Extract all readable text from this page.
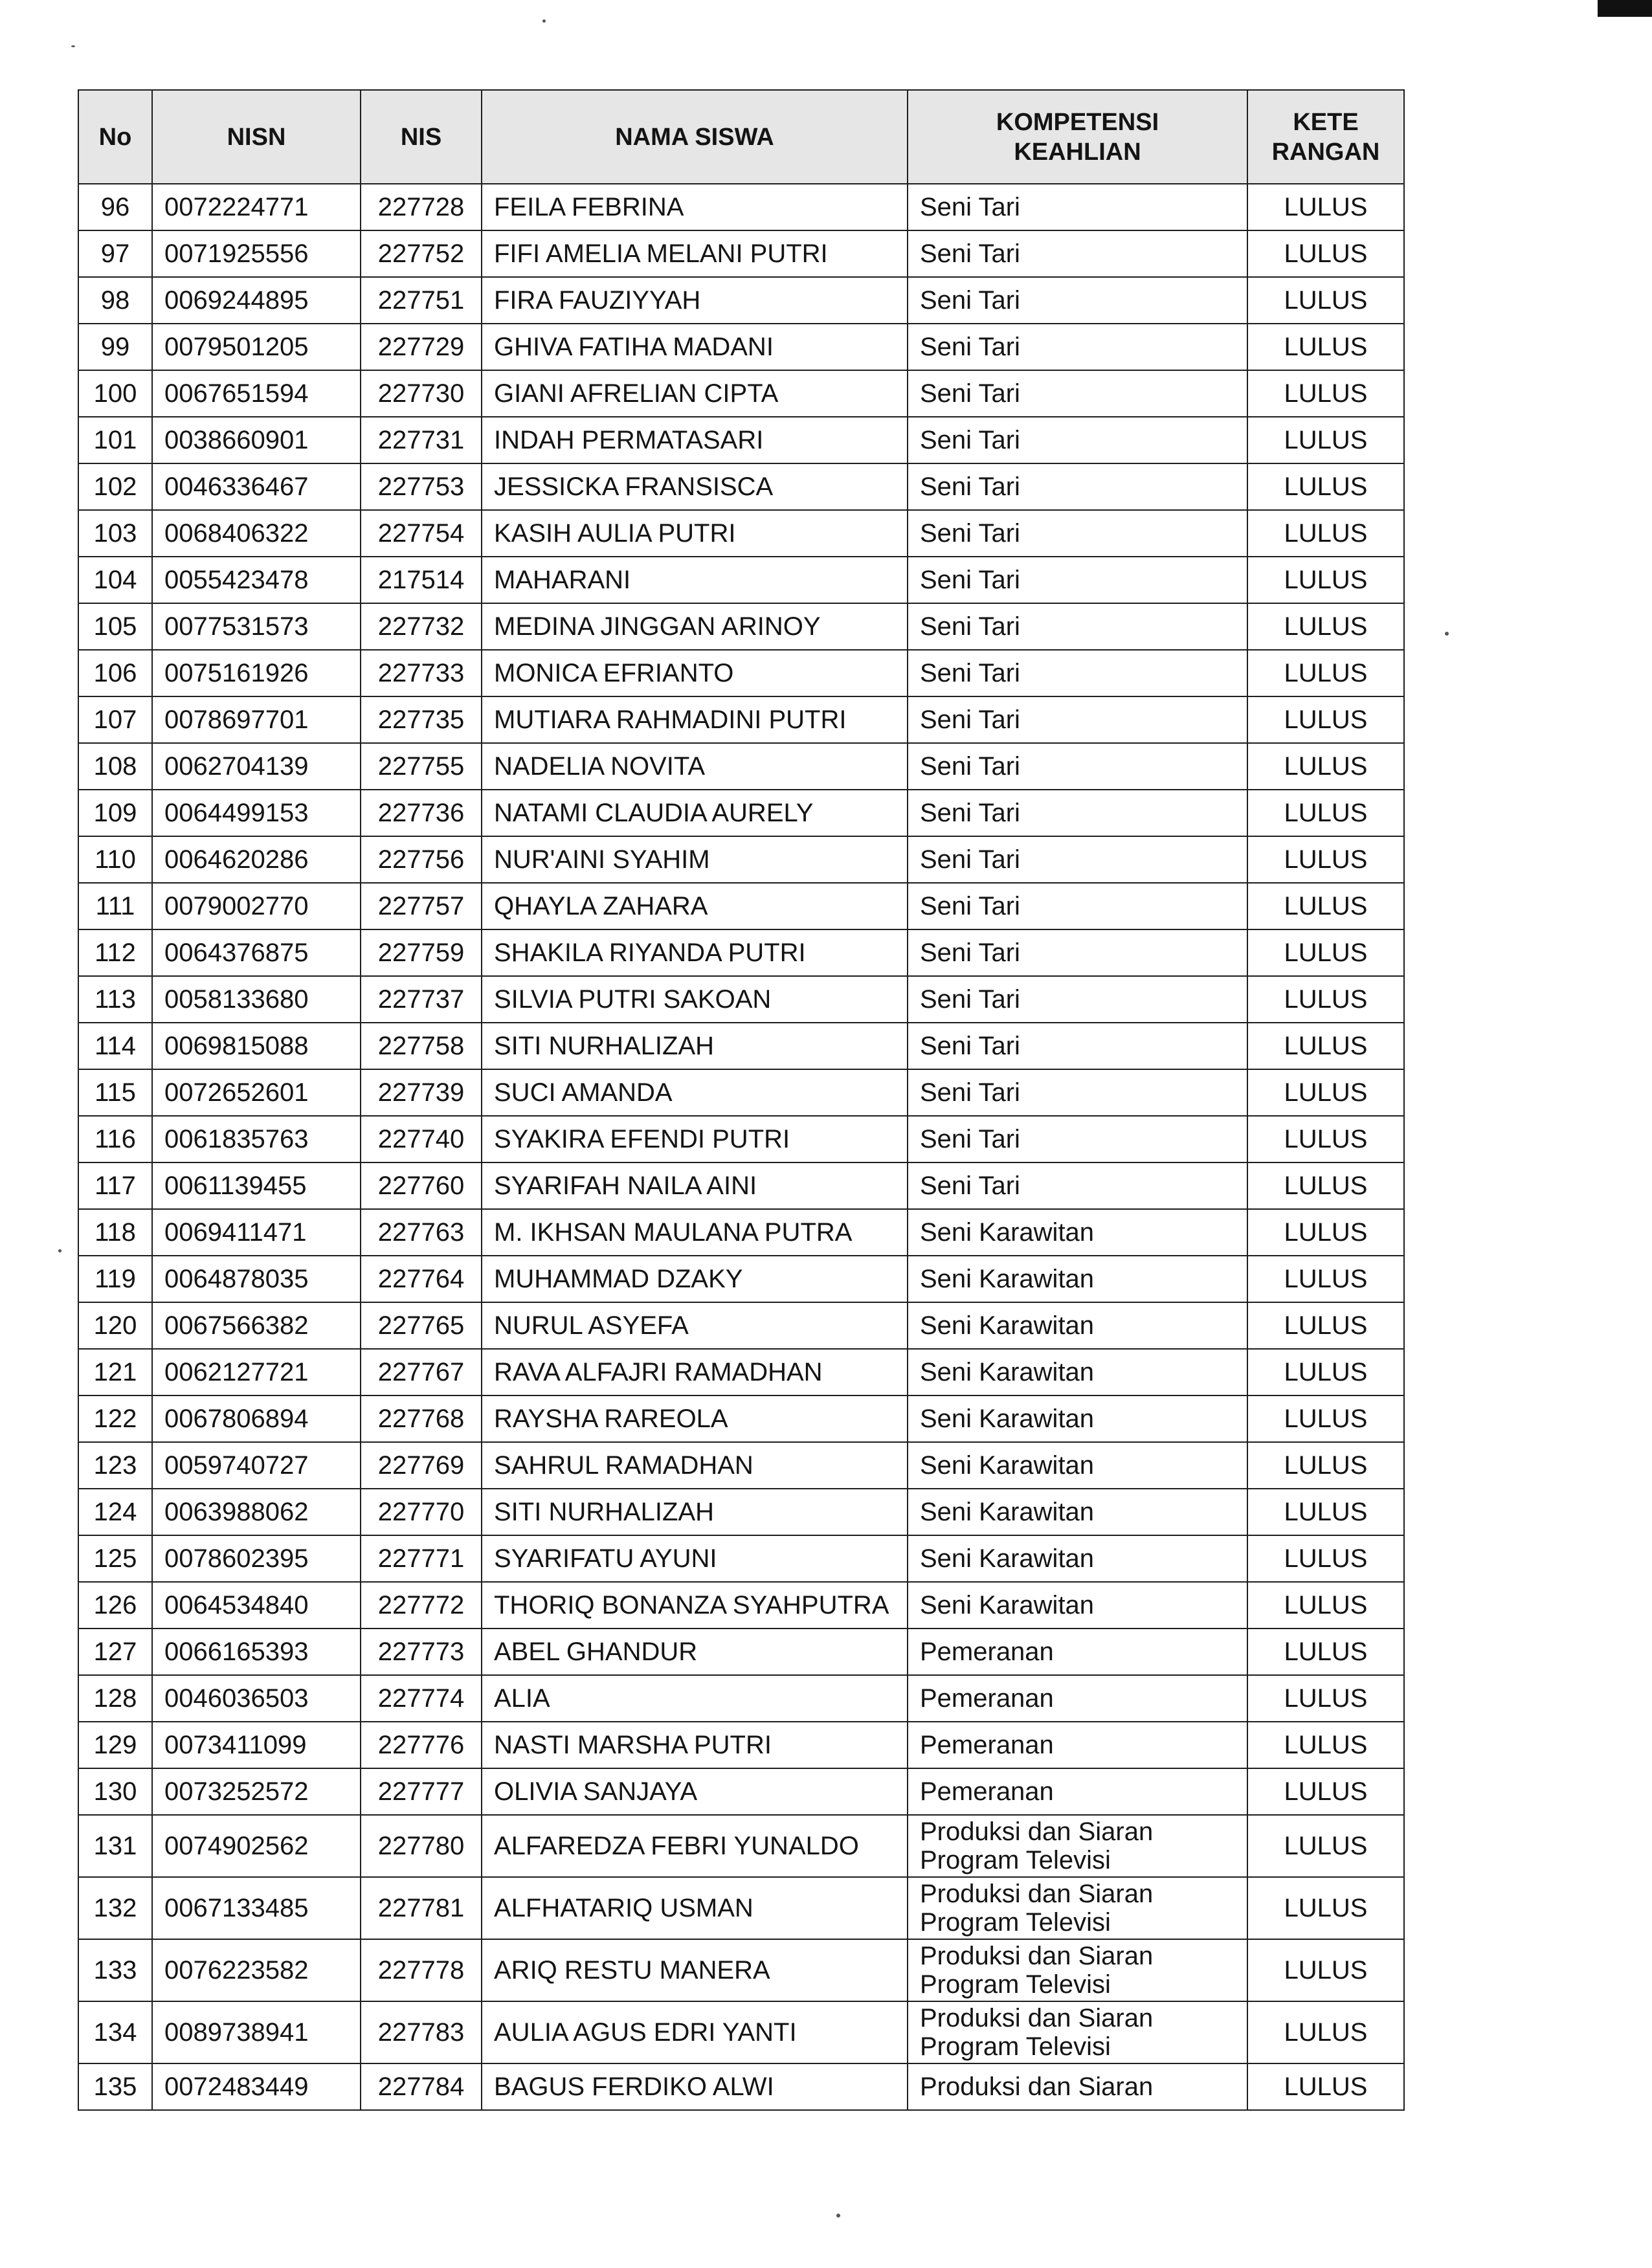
No	NISN	NIS	NAMA SISWA	KOMPETENSI KEAHLIAN	KETE RANGAN
96	0072224771	227728	FEILA FEBRINA	Seni Tari	LULUS
97	0071925556	227752	FIFI AMELIA MELANI PUTRI	Seni Tari	LULUS
98	0069244895	227751	FIRA FAUZIYYAH	Seni Tari	LULUS
99	0079501205	227729	GHIVA FATIHA MADANI	Seni Tari	LULUS
100	0067651594	227730	GIANI AFRELIAN CIPTA	Seni Tari	LULUS
101	0038660901	227731	INDAH PERMATASARI	Seni Tari	LULUS
102	0046336467	227753	JESSICKA FRANSISCA	Seni Tari	LULUS
103	0068406322	227754	KASIH AULIA PUTRI	Seni Tari	LULUS
104	0055423478	217514	MAHARANI	Seni Tari	LULUS
105	0077531573	227732	MEDINA JINGGAN ARINOY	Seni Tari	LULUS
106	0075161926	227733	MONICA EFRIANTO	Seni Tari	LULUS
107	0078697701	227735	MUTIARA RAHMADINI PUTRI	Seni Tari	LULUS
108	0062704139	227755	NADELIA NOVITA	Seni Tari	LULUS
109	0064499153	227736	NATAMI CLAUDIA AURELY	Seni Tari	LULUS
110	0064620286	227756	NUR'AINI SYAHIM	Seni Tari	LULUS
111	0079002770	227757	QHAYLA ZAHARA	Seni Tari	LULUS
112	0064376875	227759	SHAKILA RIYANDA PUTRI	Seni Tari	LULUS
113	0058133680	227737	SILVIA PUTRI SAKOAN	Seni Tari	LULUS
114	0069815088	227758	SITI NURHALIZAH	Seni Tari	LULUS
115	0072652601	227739	SUCI AMANDA	Seni Tari	LULUS
116	0061835763	227740	SYAKIRA EFENDI PUTRI	Seni Tari	LULUS
117	0061139455	227760	SYARIFAH NAILA AINI	Seni Tari	LULUS
118	0069411471	227763	M. IKHSAN MAULANA PUTRA	Seni Karawitan	LULUS
119	0064878035	227764	MUHAMMAD DZAKY	Seni Karawitan	LULUS
120	0067566382	227765	NURUL ASYEFA	Seni Karawitan	LULUS
121	0062127721	227767	RAVA ALFAJRI RAMADHAN	Seni Karawitan	LULUS
122	0067806894	227768	RAYSHA RAREOLA	Seni Karawitan	LULUS
123	0059740727	227769	SAHRUL RAMADHAN	Seni Karawitan	LULUS
124	0063988062	227770	SITI NURHALIZAH	Seni Karawitan	LULUS
125	0078602395	227771	SYARIFATU AYUNI	Seni Karawitan	LULUS
126	0064534840	227772	THORIQ BONANZA SYAHPUTRA	Seni Karawitan	LULUS
127	0066165393	227773	ABEL GHANDUR	Pemeranan	LULUS
128	0046036503	227774	ALIA	Pemeranan	LULUS
129	0073411099	227776	NASTI MARSHA PUTRI	Pemeranan	LULUS
130	0073252572	227777	OLIVIA SANJAYA	Pemeranan	LULUS
131	0074902562	227780	ALFAREDZA FEBRI YUNALDO	Produksi dan Siaran Program Televisi	LULUS
132	0067133485	227781	ALFHATARIQ USMAN	Produksi dan Siaran Program Televisi	LULUS
133	0076223582	227778	ARIQ RESTU MANERA	Produksi dan Siaran Program Televisi	LULUS
134	0089738941	227783	AULIA AGUS EDRI YANTI	Produksi dan Siaran Program Televisi	LULUS
135	0072483449	227784	BAGUS FERDIKO ALWI	Produksi dan Siaran	LULUS
